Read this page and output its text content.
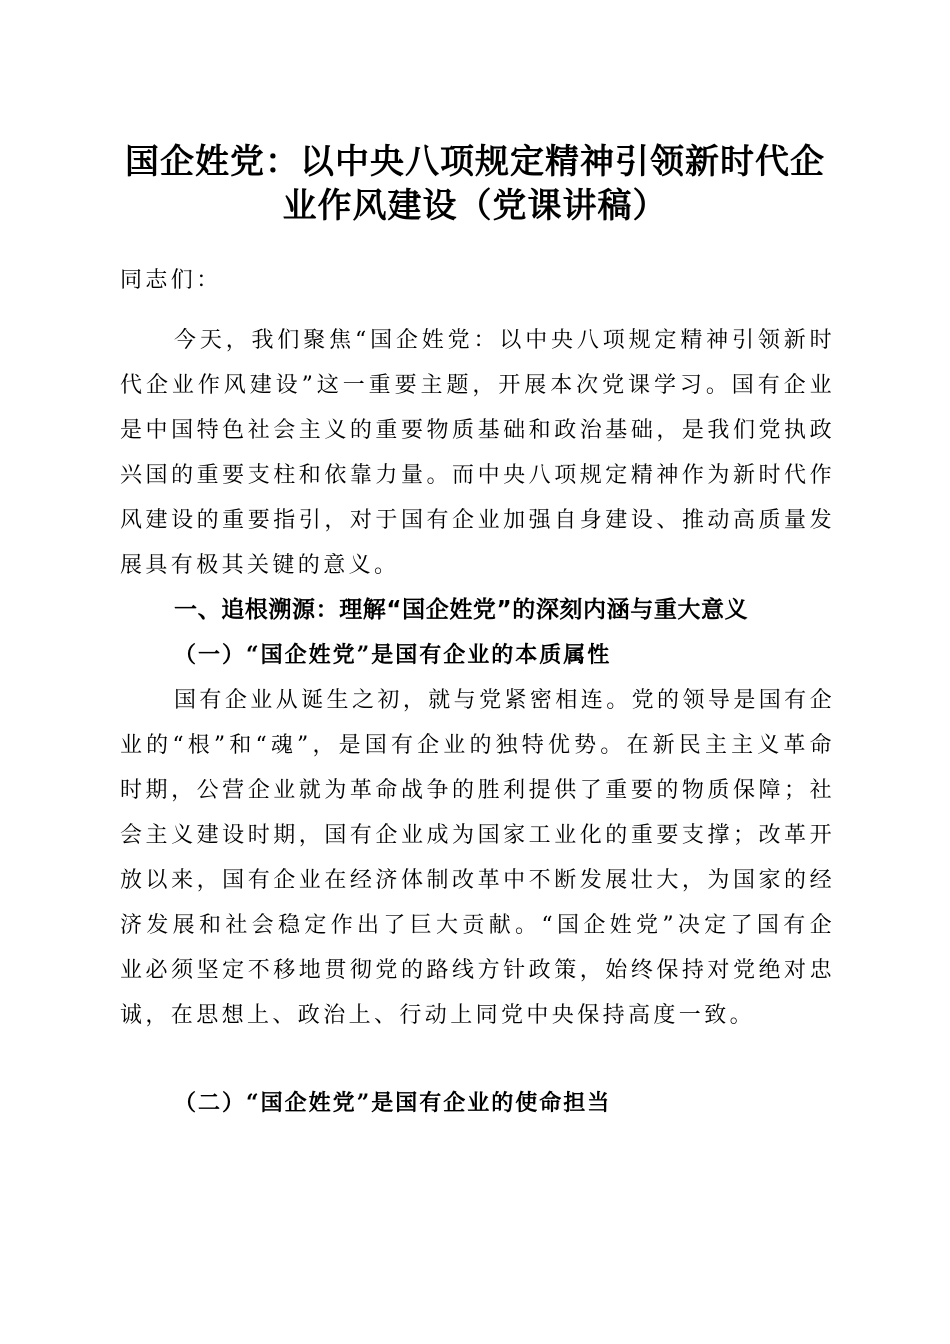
国企姓党：以中央八项规定精神引领新时代企
业作风建设（党课讲稿）
同志们：
今天，我们聚焦“国企姓党：以中央八项规定精神引领新时代企业作风建设”这一重要主题，开展本次党课学习。国有企业是中国特色社会主义的重要物质基础和政治基础，是我们党执政兴国的重要支柱和依靠力量。而中央八项规定精神作为新时代作风建设的重要指引，对于国有企业加强自身建设、推动高质量发展具有极其关键的意义。
一、追根溯源：理解“国企姓党”的深刻内涵与重大意义
（一）“国企姓党”是国有企业的本质属性
国有企业从诞生之初，就与党紧密相连。党的领导是国有企业的“根”和“魂”，是国有企业的独特优势。在新民主主义革命时期，公营企业就为革命战争的胜利提供了重要的物质保障；社会主义建设时期，国有企业成为国家工业化的重要支撑；改革开放以来，国有企业在经济体制改革中不断发展壮大，为国家的经济发展和社会稳定作出了巨大贡献。“国企姓党”决定了国有企业必须坚定不移地贯彻党的路线方针政策，始终保持对党绝对忠诚，在思想上、政治上、行动上同党中央保持高度一致。
（二）“国企姓党”是国有企业的使命担当
